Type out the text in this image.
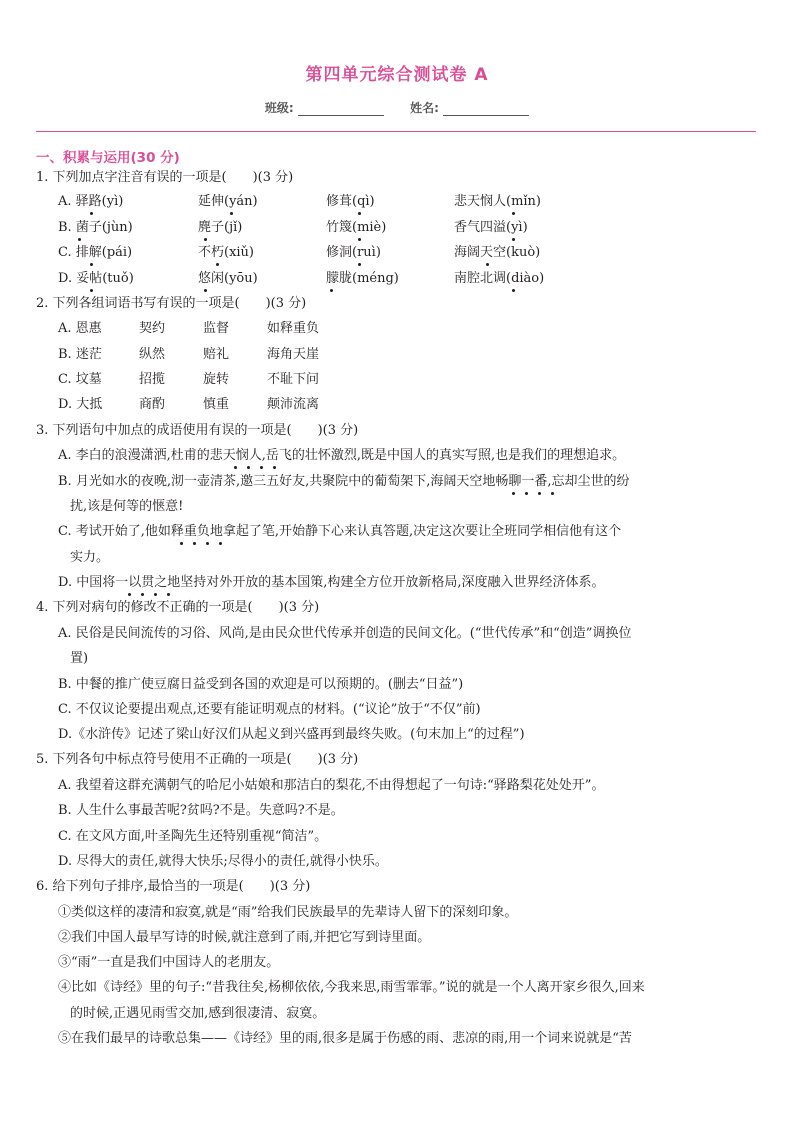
第四单元综合测试卷 A
班级:	姓名:
一、积累与运用(30 分)
1. 下列加点字注音有误的一项是(　　)(3 分)
A. 驿路(yì)	延伸(yán)	修葺(qì)	悲天悯人(mǐn)
B. 菌子(jùn)	麂子(jǐ)	竹篾(miè)	香气四溢(yì)
C. 排解(pái)	不朽(xiǔ)	修洞(ruì)	海阔天空(kuò)
D. 妥帖(tuǒ)	悠闲(yōu)	朦胧(méng)	南腔北调(diào)
2. 下列各组词语书写有误的一项是(　　)(3 分)
A. 恩惠	契约	监督	如释重负
B. 迷茫	纵然	赔礼	海角天崖
C. 坟墓	招揽	旋转	不耻下问
D. 大抵	商酌	慎重	颠沛流离
3. 下列语句中加点的成语使用有误的一项是(　　)(3 分)
A. 李白的浪漫潇洒,杜甫的悲天悯人,岳飞的壮怀激烈,既是中国人的真实写照,也是我们的理想追求。
B. 月光如水的夜晚,沏一壶清茶,邀三五好友,共聚院中的葡萄架下,海阔天空地畅聊一番,忘却尘世的纷
扰,该是何等的惬意!
C. 考试开始了,他如释重负地拿起了笔,开始静下心来认真答题,决定这次要让全班同学相信他有这个
实力。
D. 中国将一以贯之地坚持对外开放的基本国策,构建全方位开放新格局,深度融入世界经济体系。
4. 下列对病句的修改不正确的一项是(　　)(3 分)
A. 民俗是民间流传的习俗、风尚,是由民众世代传承并创造的民间文化。(“世代传承”和“创造”调换位
置)
B. 中餐的推广使豆腐日益受到各国的欢迎是可以预期的。(删去“日益”)
C. 不仅议论要提出观点,还要有能证明观点的材料。(“议论”放于“不仅”前)
D.《水浒传》记述了梁山好汉们从起义到兴盛再到最终失败。(句末加上“的过程”)
5. 下列各句中标点符号使用不正确的一项是(　　)(3 分)
A. 我望着这群充满朝气的哈尼小姑娘和那洁白的梨花,不由得想起了一句诗:“驿路梨花处处开”。
B. 人生什么事最苦呢?贫吗?不是。失意吗?不是。
C. 在文风方面,叶圣陶先生还特别重视“简洁”。
D. 尽得大的责任,就得大快乐;尽得小的责任,就得小快乐。
6. 给下列句子排序,最恰当的一项是(　　)(3 分)
①类似这样的凄清和寂寞,就是“雨”给我们民族最早的先辈诗人留下的深刻印象。
②我们中国人最早写诗的时候,就注意到了雨,并把它写到诗里面。
③“雨”一直是我们中国诗人的老朋友。
④比如《诗经》里的句子:“昔我往矣,杨柳依依,今我来思,雨雪霏霏。”说的就是一个人离开家乡很久,回来
的时候,正遇见雨雪交加,感到很凄清、寂寞。
⑤在我们最早的诗歌总集——《诗经》里的雨,很多是属于伤感的雨、悲凉的雨,用一个词来说就是“苦
